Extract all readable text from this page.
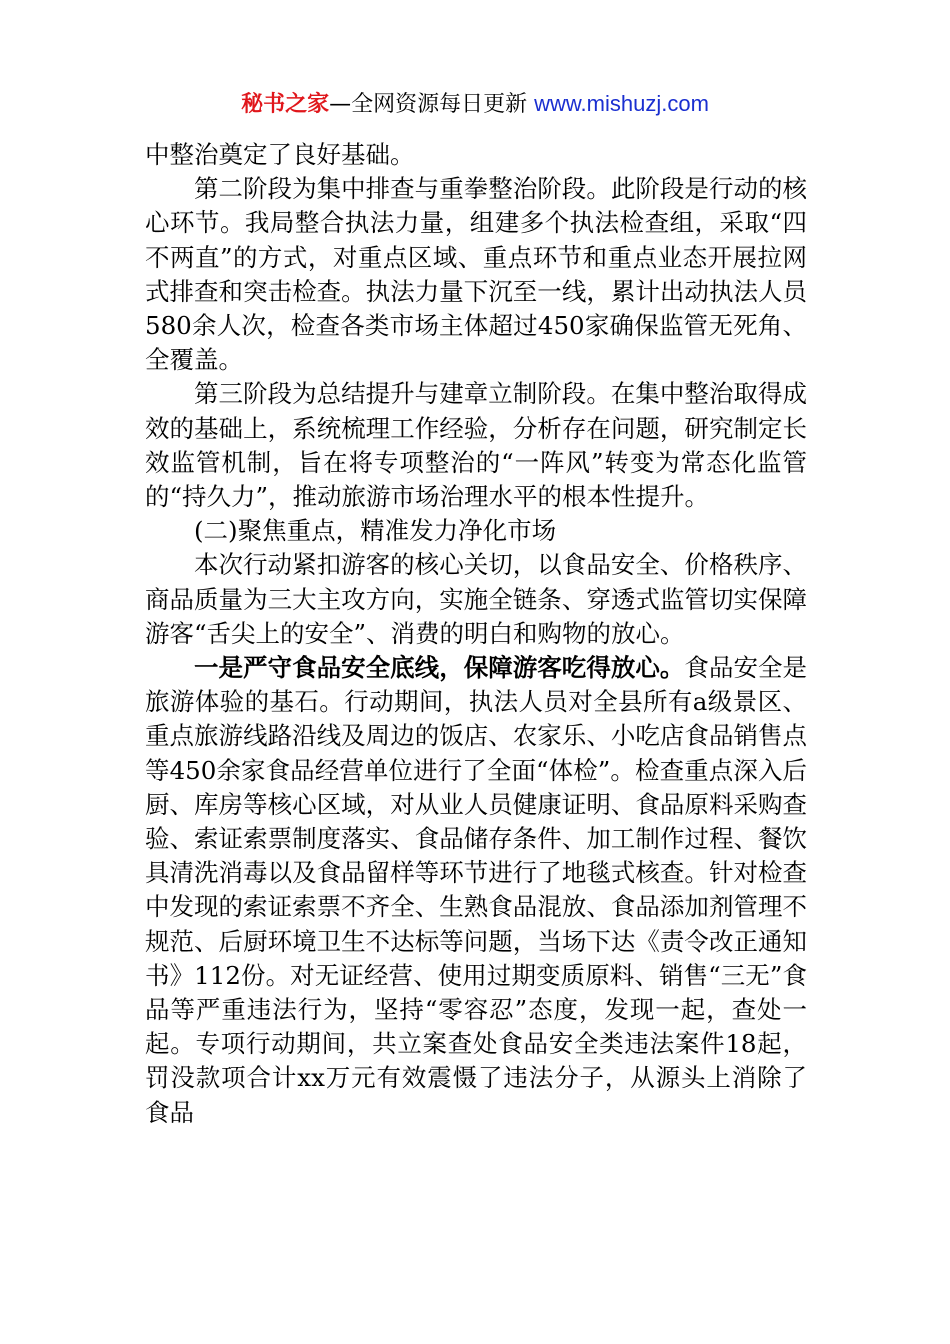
秘书之家—全网资源每日更新 www.mishuzj.com

中整治奠定了良好基础。

第二阶段为集中排查与重拳整治阶段。此阶段是行动的核心环节。我局整合执法力量，组建多个执法检查组，采取“四不两直”的方式，对重点区域、重点环节和重点业态开展拉网式排查和突击检查。执法力量下沉至一线，累计出动执法人员580余人次，检查各类市场主体超过450家确保监管无死角、全覆盖。

第三阶段为总结提升与建章立制阶段。在集中整治取得成效的基础上，系统梳理工作经验，分析存在问题，研究制定长效监管机制，旨在将专项整治的“一阵风”转变为常态化监管的“持久力”，推动旅游市场治理水平的根本性提升。

(二)聚焦重点，精准发力净化市场

本次行动紧扣游客的核心关切，以食品安全、价格秩序、商品质量为三大主攻方向，实施全链条、穿透式监管切实保障游客“舌尖上的安全”、消费的明白和购物的放心。

一是严守食品安全底线，保障游客吃得放心。食品安全是旅游体验的基石。行动期间，执法人员对全县所有a级景区、重点旅游线路沿线及周边的饭店、农家乐、小吃店食品销售点等450余家食品经营单位进行了全面“体检”。检查重点深入后厨、库房等核心区域，对从业人员健康证明、食品原料采购查验、索证索票制度落实、食品储存条件、加工制作过程、餐饮具清洗消毒以及食品留样等环节进行了地毯式核查。针对检查中发现的索证索票不齐全、生熟食品混放、食品添加剂管理不规范、后厨环境卫生不达标等问题，当场下达《责令改正通知书》112份。对无证经营、使用过期变质原料、销售“三无”食品等严重违法行为，坚持“零容忍”态度，发现一起，查处一起。专项行动期间，共立案查处食品安全类违法案件18起，罚没款项合计xx万元有效震慑了违法分子，从源头上消除了食品
